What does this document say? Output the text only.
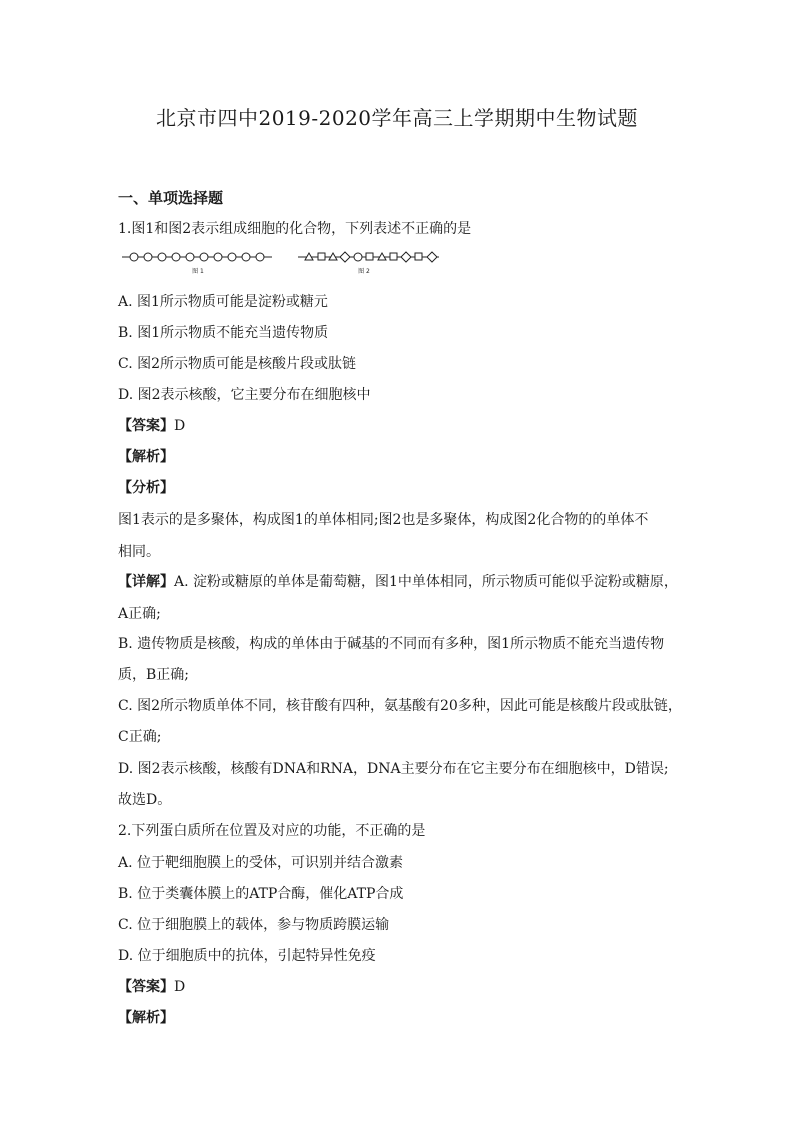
北京市四中2019-2020学年高三上学期期中生物试题
一、单项选择题
1.图1和图2表示组成细胞的化合物，下列表述不正确的是
图 1	图 2
A. 图1所示物质可能是淀粉或糖元
B. 图1所示物质不能充当遗传物质
C. 图2所示物质可能是核酸片段或肽链
D. 图2表示核酸，它主要分布在细胞核中
【答案】D
【解析】
【分析】
图1表示的是多聚体，构成图1的单体相同;图2也是多聚体，构成图2化合物的的单体不
相同。
【详解】A. 淀粉或糖原的单体是葡萄糖，图1中单体相同，所示物质可能似乎淀粉或糖原，
A正确;
B. 遗传物质是核酸，构成的单体由于碱基的不同而有多种，图1所示物质不能充当遗传物
质，B正确;
C. 图2所示物质单体不同，核苷酸有四种，氨基酸有20多种，因此可能是核酸片段或肽链，
C正确;
D. 图2表示核酸，核酸有DNA和RNA，DNA主要分布在它主要分布在细胞核中，D错误;
故选D。
2.下列蛋白质所在位置及对应的功能，不正确的是
A. 位于靶细胞膜上的受体，可识别并结合激素
B. 位于类囊体膜上的ATP合酶，催化ATP合成
C. 位于细胞膜上的载体，参与物质跨膜运输
D. 位于细胞质中的抗体，引起特异性免疫
【答案】D
【解析】
